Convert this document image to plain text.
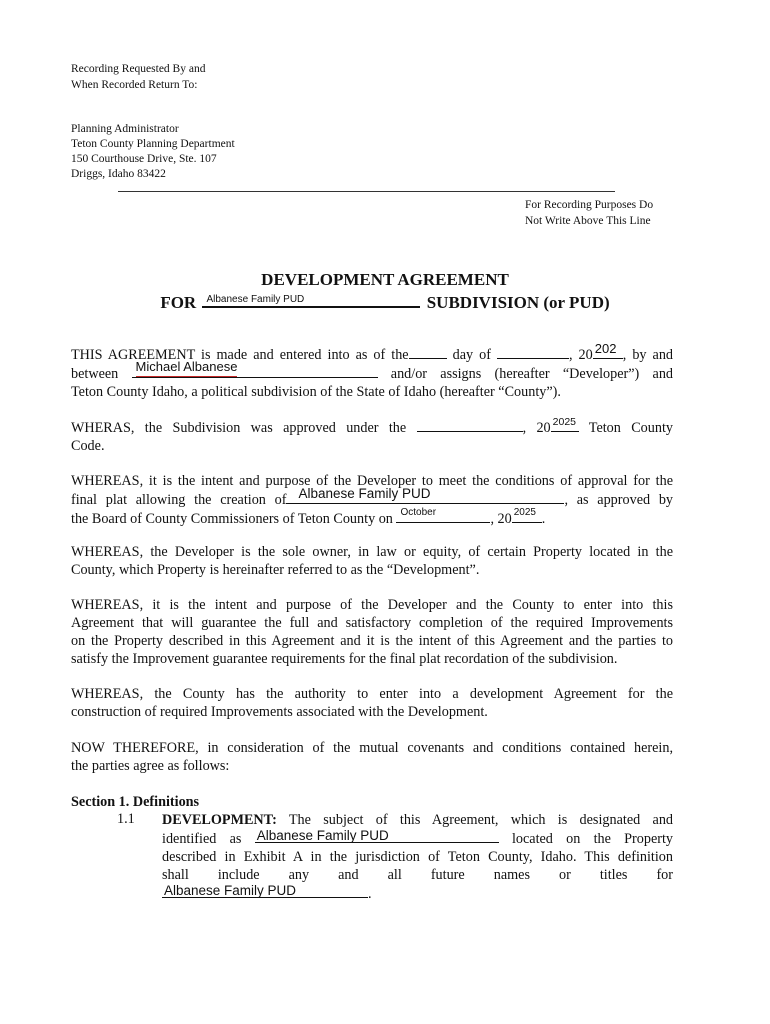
Recording Requested By and
When Recorded Return To:
Planning Administrator
Teton County Planning Department
150 Courthouse Drive, Ste. 107
Driggs, Idaho 83422
For Recording Purposes Do
Not Write Above This Line
DEVELOPMENT AGREEMENT
FOR Albanese Family PUD	SUBDIVISION (or PUD)
THIS AGREEMENT is made and entered into as of the	day of	, 20 202 , by and
between Michael Albanese	and/or assigns (hereafter “Developer”) and
Teton County Idaho, a political subdivision of the State of Idaho (hereafter “County”).
WHERAS, the Subdivision was approved under the	, 20 2025 Teton County
Code.
WHEREAS, it is the intent and purpose of the Developer to meet the conditions of approval for the
final plat allowing the creation of Albanese Family PUD	, as approved by
the Board of County Commissioners of Teton County on October	, 20 2025 .
WHEREAS, the Developer is the sole owner, in law or equity, of certain Property located in the
County, which Property is hereinafter referred to as the “Development”.
WHEREAS, it is the intent and purpose of the Developer and the County to enter into this
Agreement that will guarantee the full and satisfactory completion of the required Improvements
on the Property described in this Agreement and it is the intent of this Agreement and the parties to
satisfy the Improvement guarantee requirements for the final plat recordation of the subdivision.
WHEREAS, the County has the authority to enter into a development Agreement for the
construction of required Improvements associated with the Development.
NOW THEREFORE, in consideration of the mutual covenants and conditions contained herein,
the parties agree as follows:
Section 1. Definitions
1.1 DEVELOPMENT: The subject of this Agreement, which is designated and
identified as Albanese Family PUD	located on the Property
described in Exhibit A in the jurisdiction of Teton County, Idaho. This definition
shall include any and all future names or titles for
Albanese Family PUD	.
